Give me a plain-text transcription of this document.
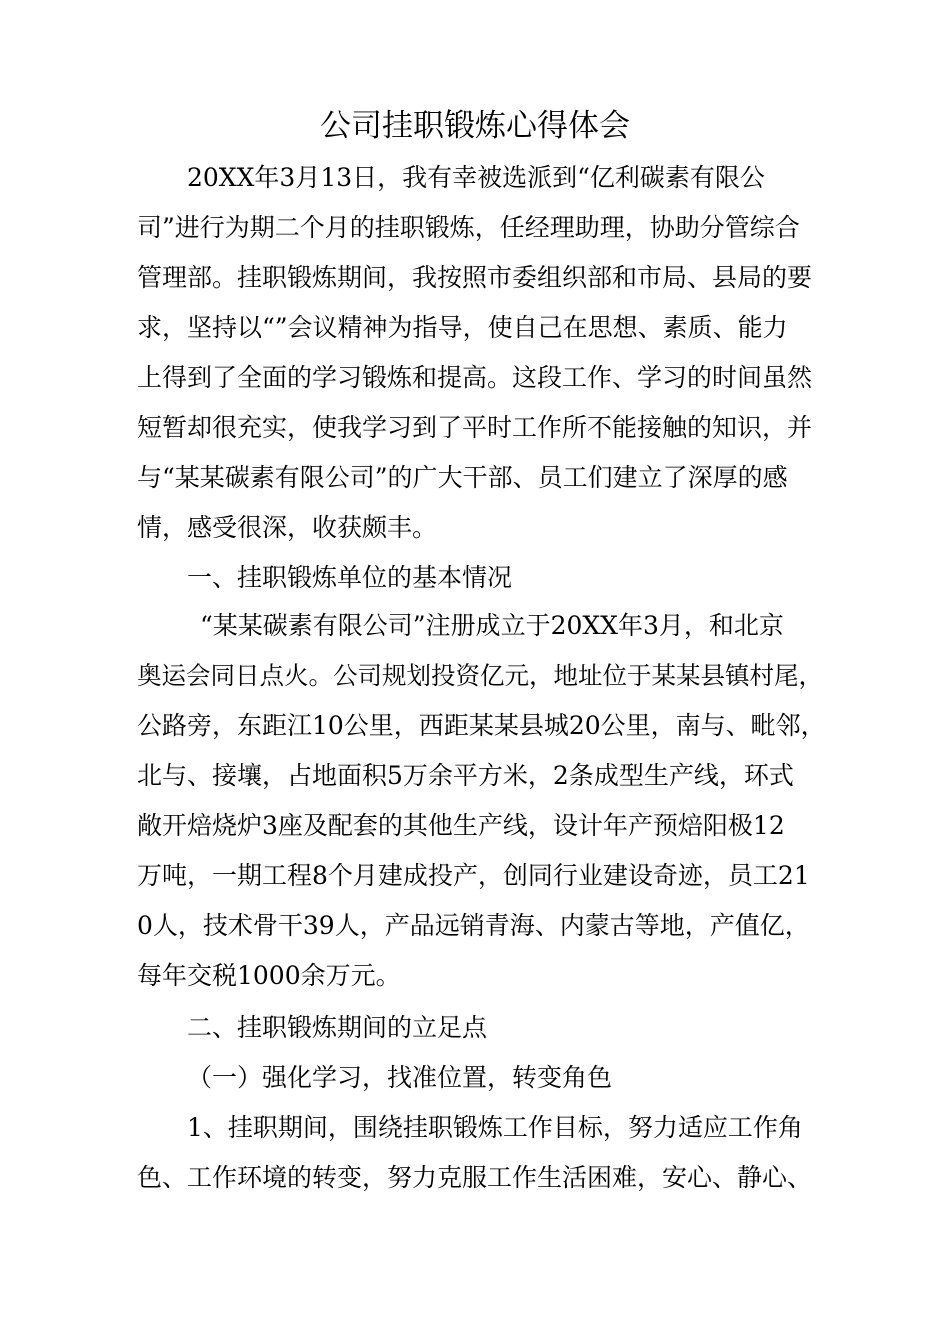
公司挂职锻炼心得体会
20XX年3月13日，我有幸被选派到“亿利碳素有限公
司”进行为期二个月的挂职锻炼，任经理助理，协助分管综合
管理部。挂职锻炼期间，我按照市委组织部和市局、县局的要
求，坚持以“”会议精神为指导，使自己在思想、素质、能力
上得到了全面的学习锻炼和提高。这段工作、学习的时间虽然
短暂却很充实，使我学习到了平时工作所不能接触的知识，并
与“某某碳素有限公司”的广大干部、员工们建立了深厚的感
情，感受很深，收获颇丰。
一、挂职锻炼单位的基本情况
“某某碳素有限公司”注册成立于20XX年3月，和北京
奥运会同日点火。公司规划投资亿元，地址位于某某县镇村尾，
公路旁，东距江10公里，西距某某县城20公里，南与、毗邻，
北与、接壤，占地面积5万余平方米，2条成型生产线，环式
敞开焙烧炉3座及配套的其他生产线，设计年产预焙阳极12
万吨，一期工程8个月建成投产，创同行业建设奇迹，员工21
0人，技术骨干39人，产品远销青海、内蒙古等地，产值亿，
每年交税1000余万元。
二、挂职锻炼期间的立足点
（一）强化学习，找准位置，转变角色
1、挂职期间，围绕挂职锻炼工作目标，努力适应工作角
色、工作环境的转变，努力克服工作生活困难，安心、静心、
